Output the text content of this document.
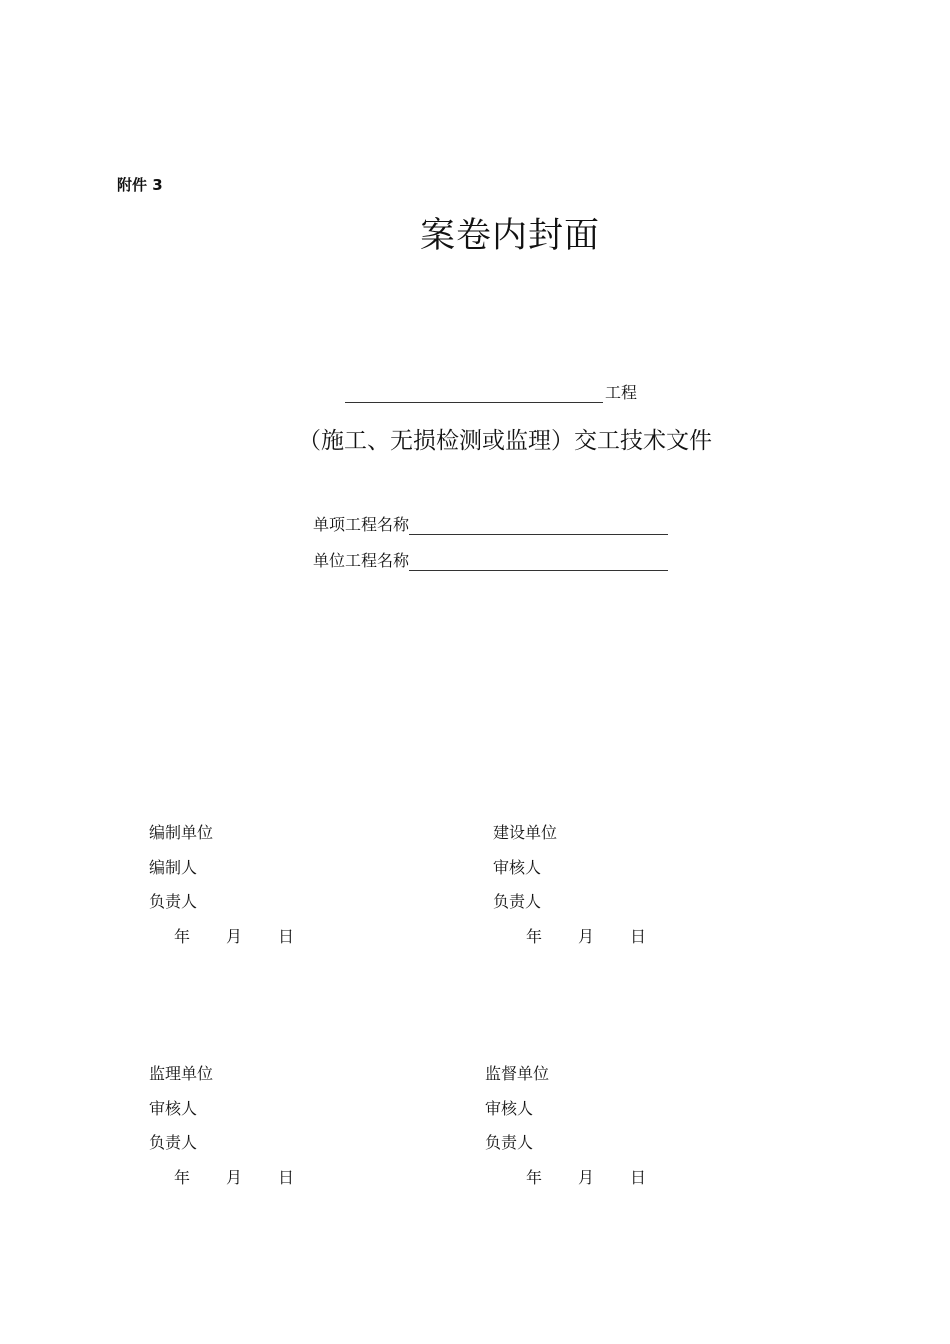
附件 3
案卷内封面
工程
（施工、无损检测或监理）交工技术文件
单项工程名称
单位工程名称
编制单位
编制人
负责人
年 月 日
建设单位
审核人
负责人
年 月 日
监理单位
审核人
负责人
年 月 日
监督单位
审核人
负责人
年 月 日
